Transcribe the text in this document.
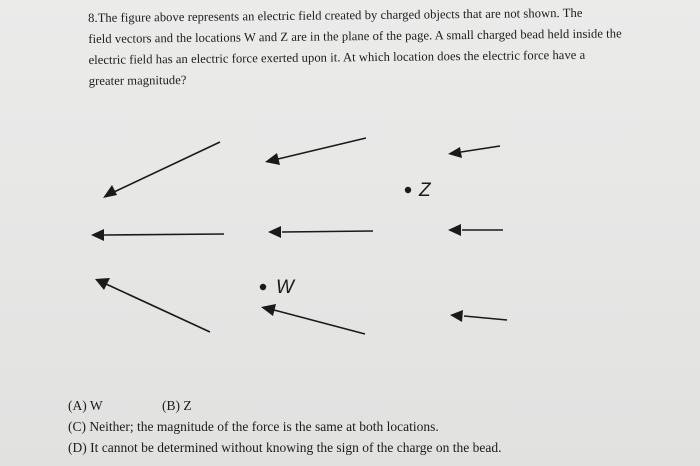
8.The figure above represents an electric field created by charged objects that are not shown. The
field vectors and the locations W and Z are in the plane of the page. A small charged bead held inside the
electric field has an electric force exerted upon it. At which location does the electric force have a
greater magnitude?
Z
W
(A) W	(B) Z
(C) Neither; the magnitude of the force is the same at both locations.
(D) It cannot be determined without knowing the sign of the charge on the bead.
